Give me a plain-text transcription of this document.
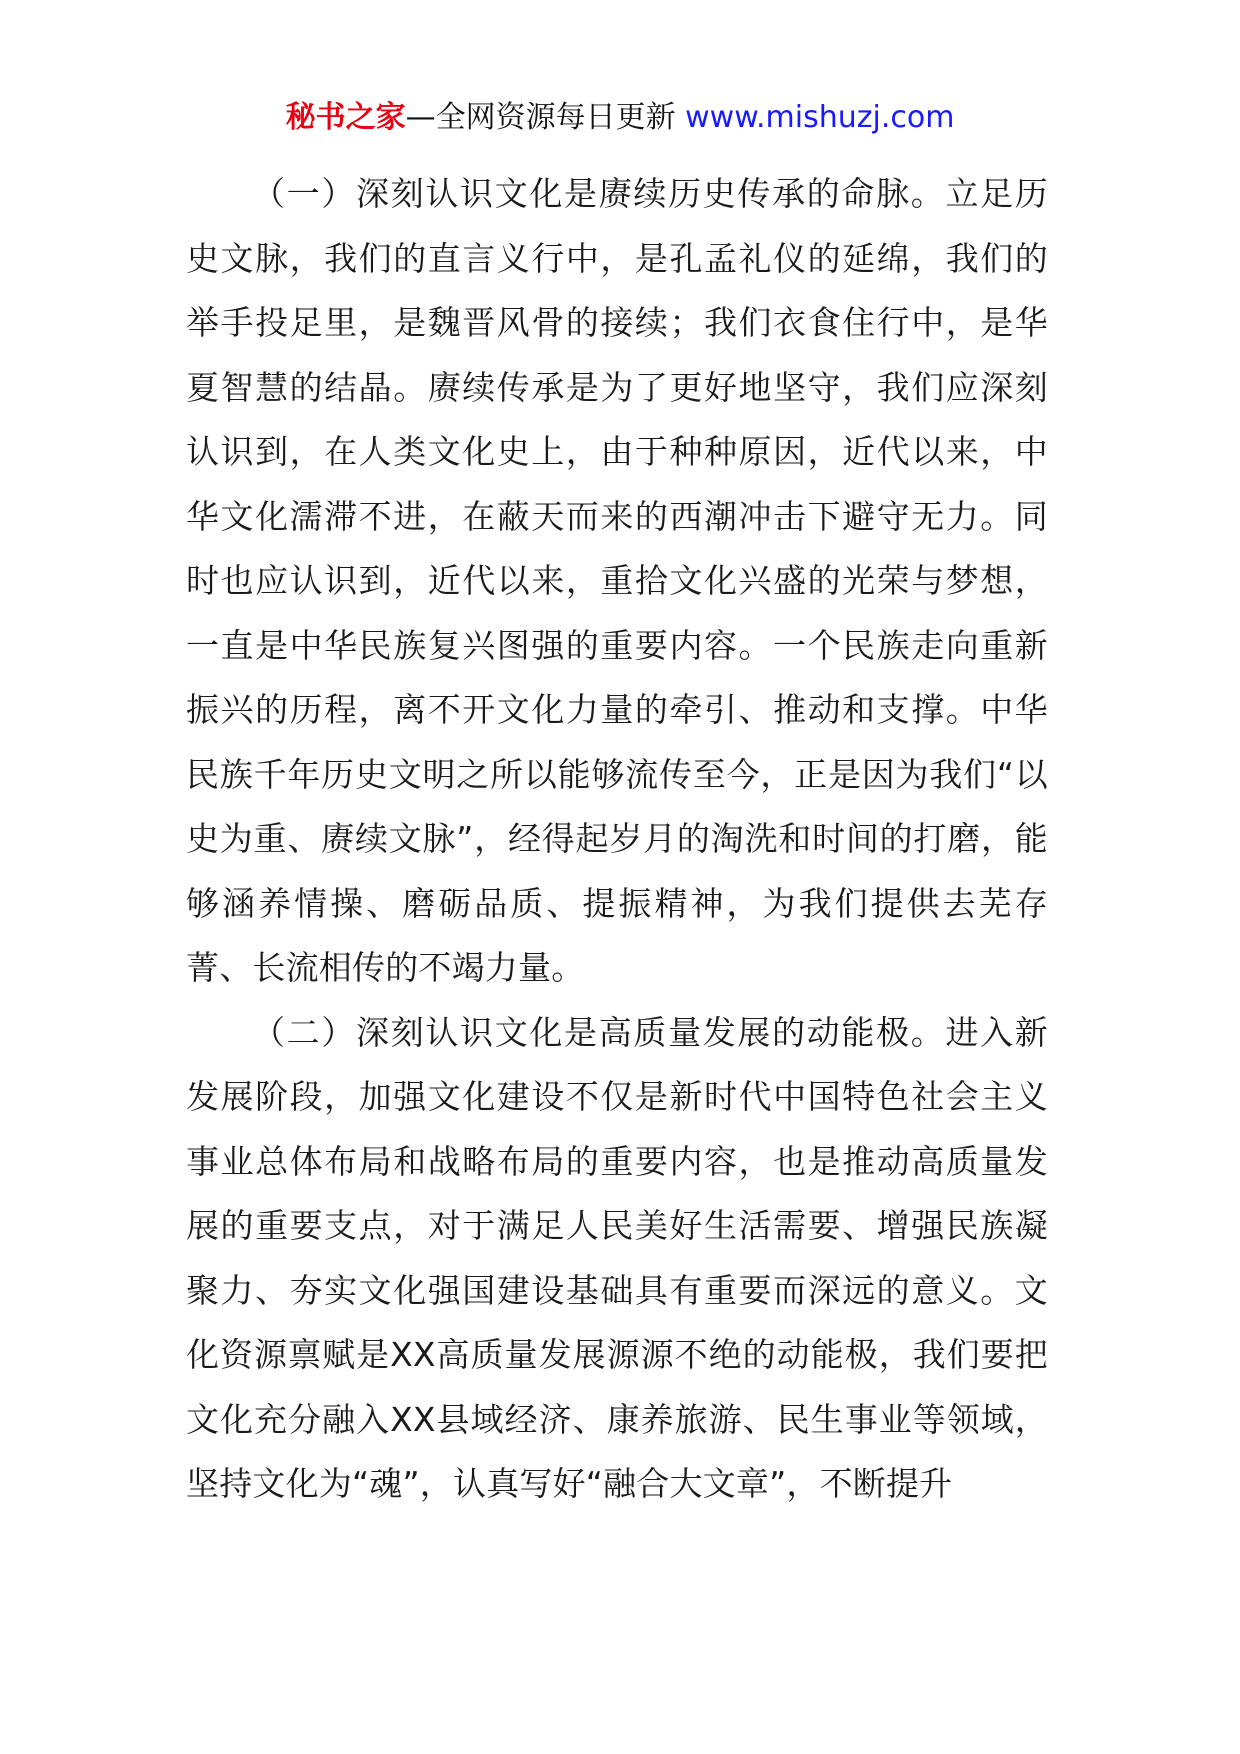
秘书之家—全网资源每日更新 www.mishuzj.com

（一）深刻认识文化是赓续历史传承的命脉。立足历史文脉，我们的直言义行中，是孔孟礼仪的延绵，我们的举手投足里，是魏晋风骨的接续；我们衣食住行中，是华夏智慧的结晶。赓续传承是为了更好地坚守，我们应深刻认识到，在人类文化史上，由于种种原因，近代以来，中华文化濡滞不进，在蔽天而来的西潮冲击下避守无力。同时也应认识到，近代以来，重拾文化兴盛的光荣与梦想，一直是中华民族复兴图强的重要内容。一个民族走向重新振兴的历程，离不开文化力量的牵引、推动和支撑。中华民族千年历史文明之所以能够流传至今，正是因为我们“以史为重、赓续文脉”，经得起岁月的淘洗和时间的打磨，能够涵养情操、磨砺品质、提振精神，为我们提供去芜存菁、长流相传的不竭力量。

（二）深刻认识文化是高质量发展的动能极。进入新发展阶段，加强文化建设不仅是新时代中国特色社会主义事业总体布局和战略布局的重要内容，也是推动高质量发展的重要支点，对于满足人民美好生活需要、增强民族凝聚力、夯实文化强国建设基础具有重要而深远的意义。文化资源禀赋是XX高质量发展源源不绝的动能极，我们要把文化充分融入XX县域经济、康养旅游、民生事业等领域，坚持文化为“魂”，认真写好“融合大文章”，不断提升
